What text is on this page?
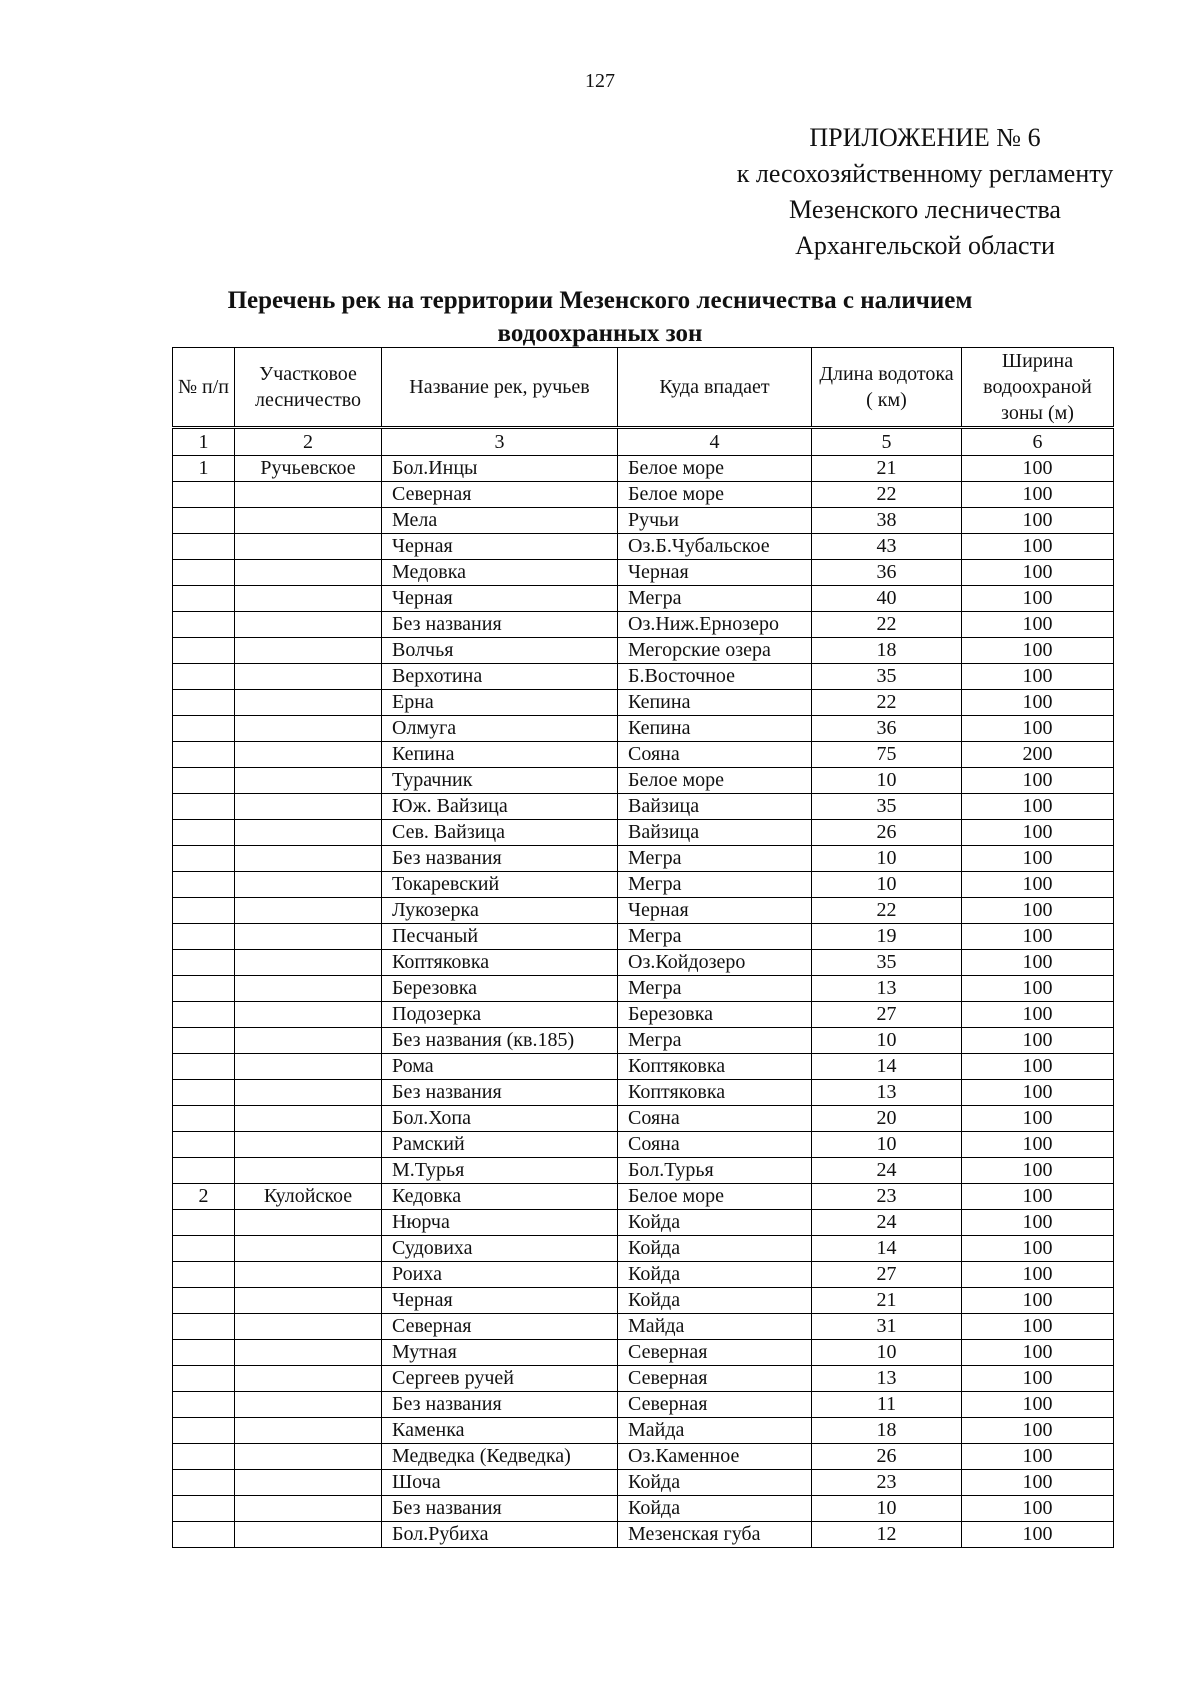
127
ПРИЛОЖЕНИЕ № 6
к лесохозяйственному регламенту
Мезенского лесничества
Архангельской области
Перечень рек на территории Мезенского лесничества с наличием водоохранных зон
№ п/п	Участковое лесничество	Название рек, ручьев	Куда впадает	Длина водотока ( км)	Ширина водоохраной зоны (м)
1	2	3	4	5	6
1	Ручьевское	Бол.Инцы	Белое море	21	100
		Северная	Белое море	22	100
		Мела	Ручьи	38	100
		Черная	Оз.Б.Чубальское	43	100
		Медовка	Черная	36	100
		Черная	Мегра	40	100
		Без названия	Оз.Ниж.Ернозеро	22	100
		Волчья	Мегорские озера	18	100
		Верхотина	Б.Восточное	35	100
		Ерна	Кепина	22	100
		Олмуга	Кепина	36	100
		Кепина	Сояна	75	200
		Турачник	Белое море	10	100
		Юж. Вайзица	Вайзица	35	100
		Сев. Вайзица	Вайзица	26	100
		Без названия	Мегра	10	100
		Токаревский	Мегра	10	100
		Лукозерка	Черная	22	100
		Песчаный	Мегра	19	100
		Коптяковка	Оз.Койдозеро	35	100
		Березовка	Мегра	13	100
		Подозерка	Березовка	27	100
		Без названия (кв.185)	Мегра	10	100
		Рома	Коптяковка	14	100
		Без названия	Коптяковка	13	100
		Бол.Хопа	Сояна	20	100
		Рамский	Сояна	10	100
		М.Турья	Бол.Турья	24	100
2	Кулойское	Кедовка	Белое море	23	100
		Нюрча	Койда	24	100
		Судовиха	Койда	14	100
		Роиха	Койда	27	100
		Черная	Койда	21	100
		Северная	Майда	31	100
		Мутная	Северная	10	100
		Сергеев ручей	Северная	13	100
		Без названия	Северная	11	100
		Каменка	Майда	18	100
		Медведка (Кедведка)	Оз.Каменное	26	100
		Шоча	Койда	23	100
		Без названия	Койда	10	100
		Бол.Рубиха	Мезенская губа	12	100
